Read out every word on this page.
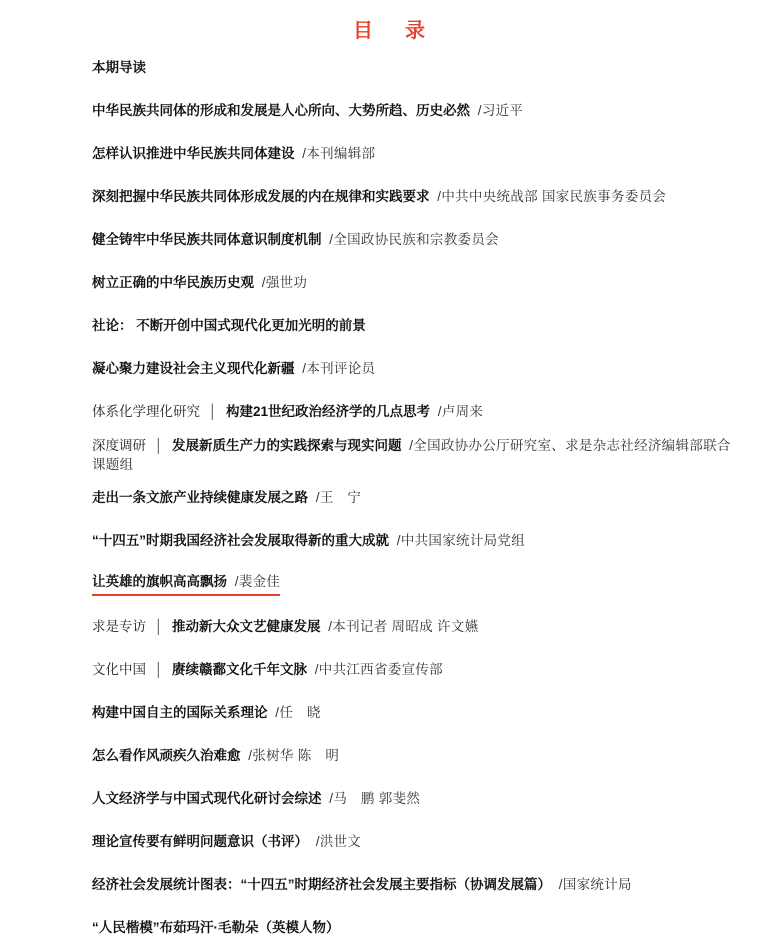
目　录
本期导读
中华民族共同体的形成和发展是人心所向、大势所趋、历史必然 /习近平
怎样认识推进中华民族共同体建设 /本刊编辑部
深刻把握中华民族共同体形成发展的内在规律和实践要求 /中共中央统战部 国家民族事务委员会
健全铸牢中华民族共同体意识制度机制 /全国政协民族和宗教委员会
树立正确的中华民族历史观 /强世功
社论： 不断开创中国式现代化更加光明的前景
凝心聚力建设社会主义现代化新疆 /本刊评论员
体系化学理化研究 │ 构建21世纪政治经济学的几点思考 /卢周来
深度调研 │ 发展新质生产力的实践探索与现实问题 /全国政协办公厅研究室、求是杂志社经济编辑部联合课题组
走出一条文旅产业持续健康发展之路 /王　宁
“十四五”时期我国经济社会发展取得新的重大成就 /中共国家统计局党组
让英雄的旗帜高高飘扬 /裴金佳
求是专访 │ 推动新大众文艺健康发展 /本刊记者 周昭成 许文嬿
文化中国 │ 赓续赣鄱文化千年文脉 /中共江西省委宣传部
构建中国自主的国际关系理论 /任　晓
怎么看作风顽疾久治难愈 /张树华 陈　明
人文经济学与中国式现代化研讨会综述 /马　鹏 郭斐然
理论宣传要有鲜明问题意识（书评） /洪世文
经济社会发展统计图表：“十四五”时期经济社会发展主要指标（协调发展篇） /国家统计局
“人民楷模”布茹玛汗·毛勒朵（英模人物）
